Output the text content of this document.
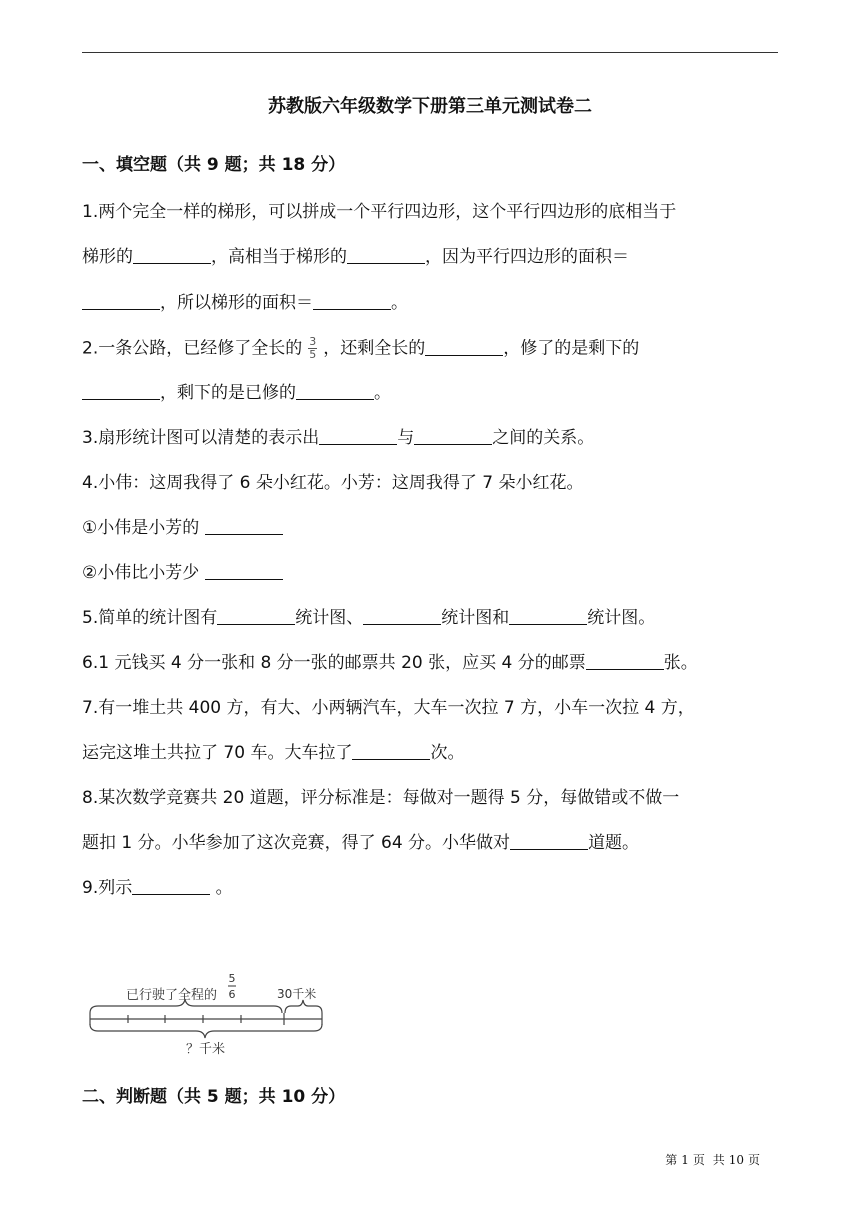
苏教版六年级数学下册第三单元测试卷二
一、填空题（共 9 题；共 18 分）
1.两个完全一样的梯形，可以拼成一个平行四边形，这个平行四边形的底相当于
梯形的	，高相当于梯形的	，因为平行四边形的面积＝
，所以梯形的面积＝	。
2.一条公路，已经修了全长的 $\frac{3}{5}$ ，还剩全长的	，修了的是剩下的
，剩下的是已修的	。
3.扇形统计图可以清楚的表示出	与	之间的关系。
4.小伟：这周我得了 6 朵小红花。小芳：这周我得了 7 朵小红花。
①小伟是小芳的
②小伟比小芳少
5.简单的统计图有	统计图、	统计图和	统计图。
6.1 元钱买 4 分一张和 8 分一张的邮票共 20 张，应买 4 分的邮票	张。
7.有一堆土共 400 方，有大、小两辆汽车，大车一次拉 7 方，小车一次拉 4 方，
运完这堆土共拉了 70 车。大车拉了	次。
8.某次数学竞赛共 20 道题，评分标准是：每做对一题得 5 分，每做错或不做一
题扣 1 分。小华参加了这次竞赛，得了 64 分。小华做对	道题。
9.列示	。
已行驶了全程的
5
6	30千米
？千米
二、判断题（共 5 题；共 10 分）
第 1 页 共 10 页
